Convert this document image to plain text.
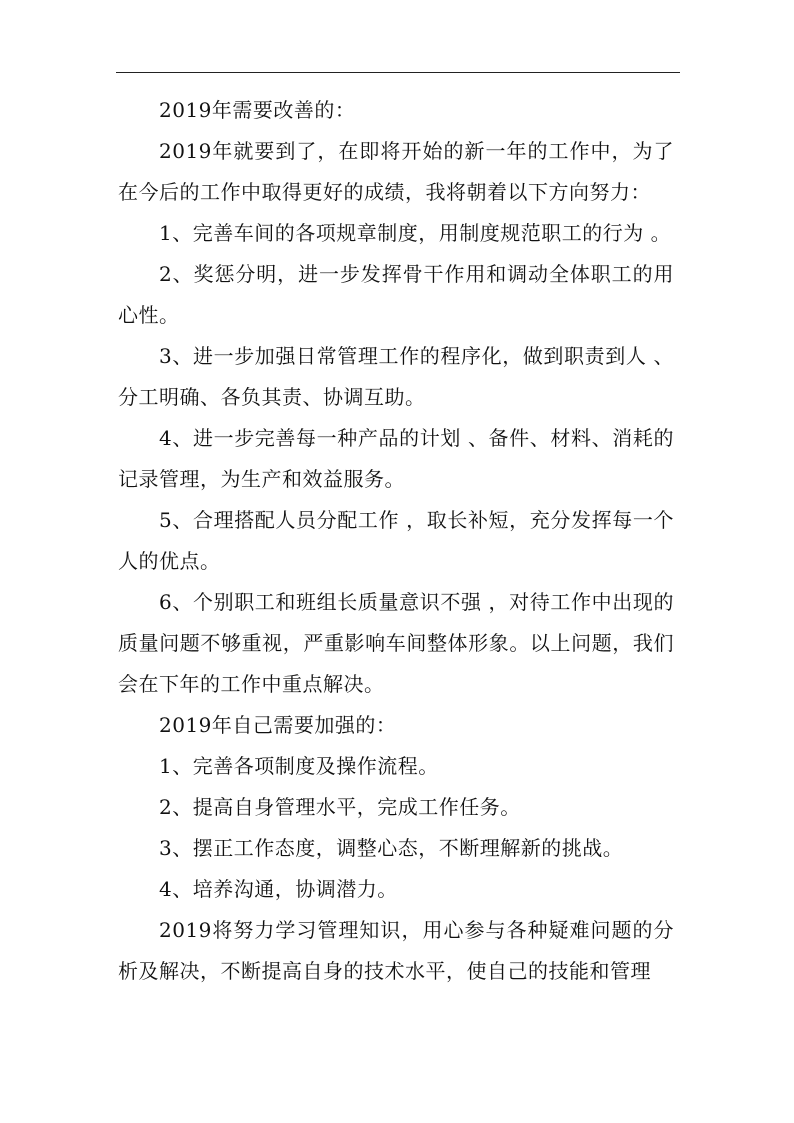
2019年需要改善的：

2019年就要到了，在即将开始的新一年的工作中，为了在今后的工作中取得更好的成绩，我将朝着以下方向努力：

1、完善车间的各项规章制度，用制度规范职工的行为 。

2、奖惩分明，进一步发挥骨干作用和调动全体职工的用心性。

3、进一步加强日常管理工作的程序化，做到职责到人 、分工明确、各负其责、协调互助。

4、进一步完善每一种产品的计划 、备件、材料、消耗的记录管理，为生产和效益服务。

5、合理搭配人员分配工作 ，取长补短，充分发挥每一个人的优点。

6、个别职工和班组长质量意识不强 ，对待工作中出现的质量问题不够重视，严重影响车间整体形象。以上问题，我们会在下年的工作中重点解决。

2019年自己需要加强的：

1、完善各项制度及操作流程。

2、提高自身管理水平，完成工作任务。

3、摆正工作态度，调整心态，不断理解新的挑战。

4、培养沟通，协调潜力。

2019将努力学习管理知识，用心参与各种疑难问题的分析及解决，不断提高自身的技术水平，使自己的技能和管理
